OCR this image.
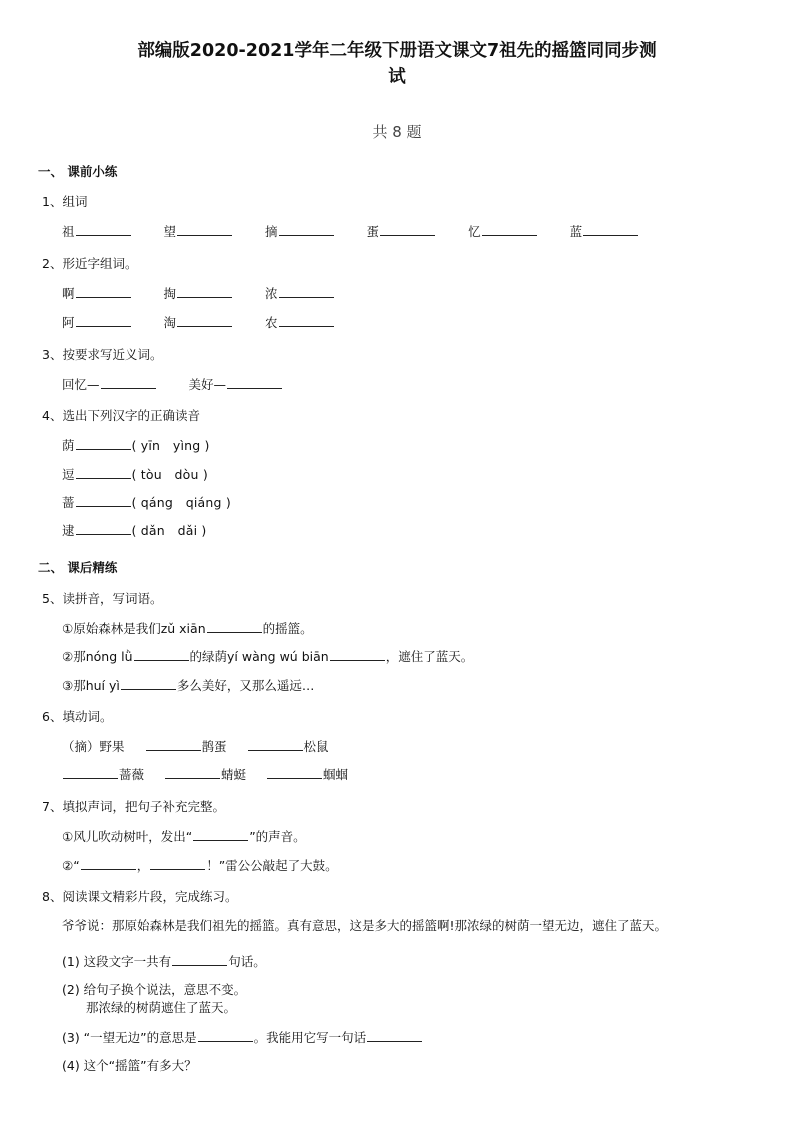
部编版2020-2021学年二年级下册语文课文7祖先的摇篮同同步测
试
共 8 题
一、 课前小练
1、组词
祖	望	摘	蛋	忆	蓝
2、形近字组词。
啊	掏	浓
阿	淘	农
3、按要求写近义词。
回忆—	美好—
4、选出下列汉字的正确读音
荫	( yīn　yìng )
逗	( tòu　dòu )
蔷	( qáng　qiáng )
逮	( dǎn　dǎi )
二、 课后精练
5、读拼音，写词语。
①原始森林是我们zǔ xiān	的摇篮。
②那nóng lǜ	的绿荫yí wàng wú biān	，遮住了蓝天。
③那huí yì	多么美好，又那么遥远…
6、填动词。
（摘）野果	鹊蛋	松鼠
蔷薇	蜻蜓	蝈蝈
7、填拟声词，把句子补充完整。
①风儿吹动树叶，发出“	”的声音。
②“	，	！”雷公公敲起了大鼓。
8、阅读课文精彩片段，完成练习。
爷爷说：那原始森林是我们祖先的摇篮。真有意思，这是多大的摇篮啊!那浓绿的树荫一望无边，遮住了蓝天。
(1) 这段文字一共有	句话。
(2) 给句子换个说法，意思不变。
那浓绿的树荫遮住了蓝天。
(3) “一望无边”的意思是	。我能用它写一句话
(4) 这个“摇篮”有多大？
